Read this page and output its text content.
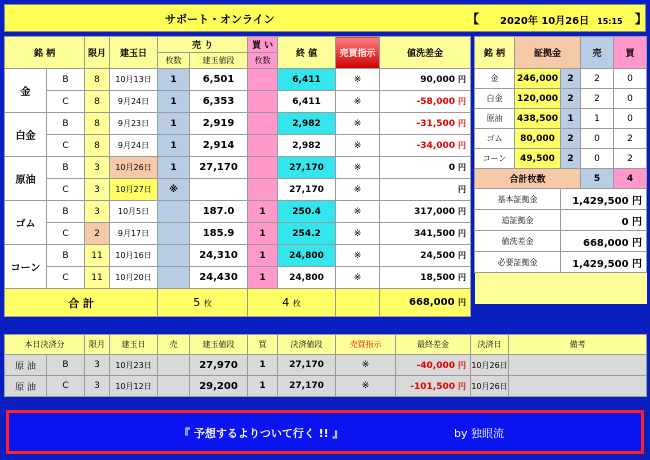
サポート・オンライン	【 2020年 10月26日 15:15 】
銘 柄		限月	建玉日	売 り		買 い	終 値	売買指示	値洗差金
				枚数	建玉値段	枚数			
金	B	8	10月13日	1	6,501		6,411	※	90,000 円
	C	8	9月24日	1	6,353		6,411	※	-58,000 円
白金	B	8	9月23日	1	2,919		2,982	※	-31,500 円
	C	8	9月24日	1	2,914		2,982	※	-34,000 円
原油	B	3	10月26日	1	27,170		27,170	※	0 円
	C	3	10月27日	※			27,170	※	円
ゴム	B	3	10月5日		187.0	1	250.4	※	317,000 円
	C	2	9月17日		185.9	1	254.2	※	341,500 円
コーン	B	11	10月16日		24,310	1	24,800	※	24,500 円
	C	11	10月20日		24,430	1	24,800	※	18,500 円
合 計				5 枚		4 枚			668,000 円
銘 柄	証拠金		売	買
金	246,000	2	2	0
白金	120,000	2	2	0
原油	438,500	1	1	0
ゴム	80,000	2	0	2
コーン	49,500	2	0	2
合計枚数			5	4
基本証拠金		1,429,500 円		
追証拠金		0 円		
値洗差金		668,000 円		
必要証拠金		1,429,500 円		

本日決済分		限月	建玉日	売	建玉値段	買	決済値段	売買指示	最終差金	決済日	備考
原 油	B	3	10月23日		27,970	1	27,170	※	-40,000 円	10月26日	
原 油	C	3	10月12日		29,200	1	27,170	※	-101,500 円	10月26日	
『 予想するよりついて行く !! 』	by 独眼流
